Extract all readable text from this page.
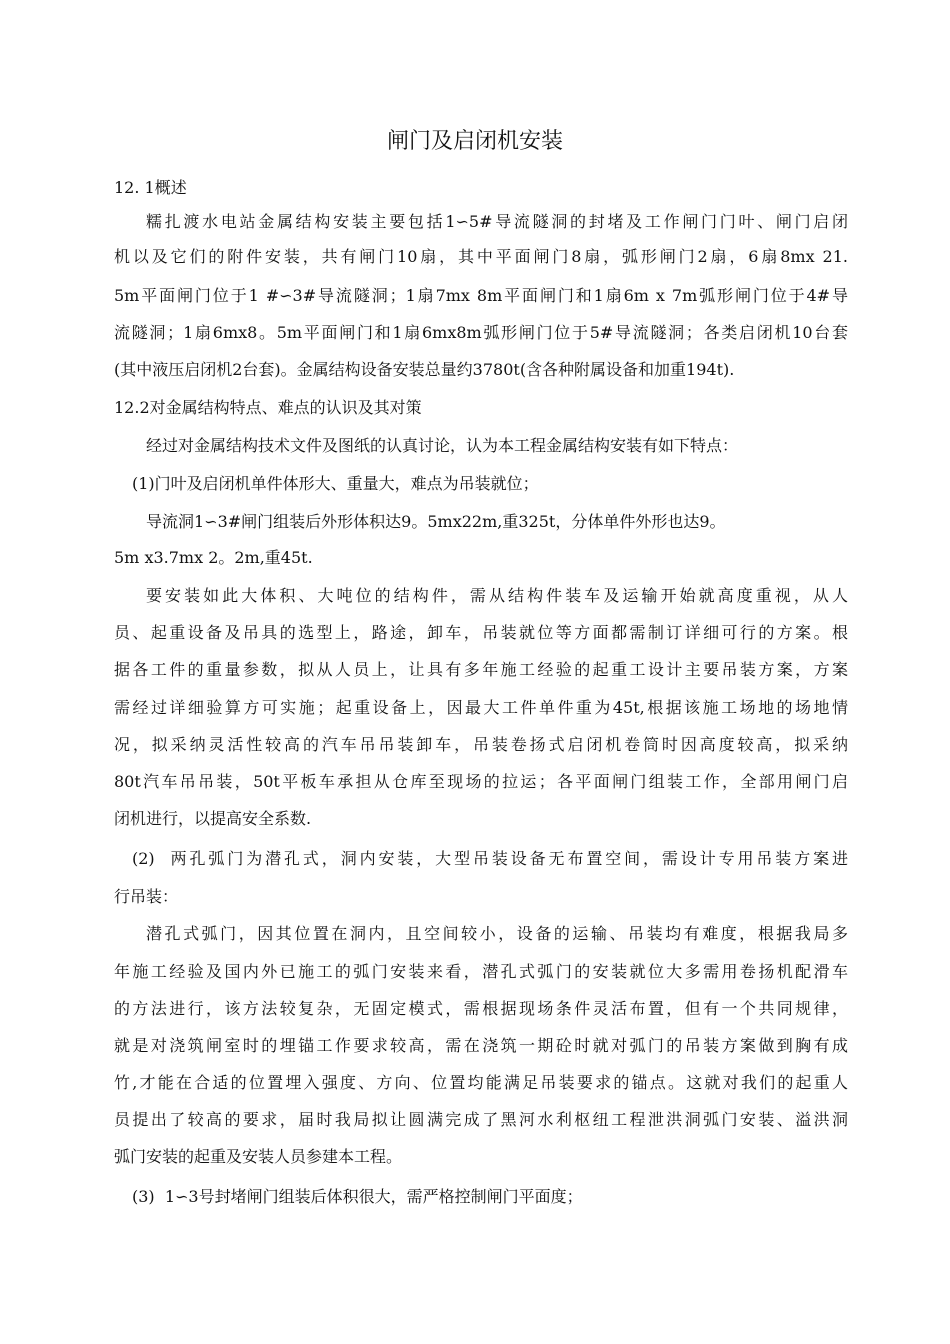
闸门及启闭机安装
12. 1概述
糯扎渡水电站金属结构安装主要包括1∽5#导流隧洞的封堵及工作闸门门叶、闸门启闭
机以及它们的附件安装，共有闸门10扇，其中平面闸门8扇，弧形闸门2扇，6扇8mx 21.
5m平面闸门位于1 #∽3#导流隧洞；1扇7mx 8m平面闸门和1扇6m x 7m弧形闸门位于4#导
流隧洞；1扇6mx8。5m平面闸门和1扇6mx8m弧形闸门位于5#导流隧洞；各类启闭机10台套
(其中液压启闭机2台套)。金属结构设备安装总量约3780t(含各种附属设备和加重194t).
12.2对金属结构特点、难点的认识及其对策
经过对金属结构技术文件及图纸的认真讨论，认为本工程金属结构安装有如下特点：
(1)门叶及启闭机单件体形大、重量大，难点为吊装就位；
导流洞1∽3#闸门组装后外形体积达9。5mx22m,重325t，分体单件外形也达9。
5m x3.7mx 2。2m,重45t.
要安装如此大体积、大吨位的结构件，需从结构件装车及运输开始就高度重视，从人
员、起重设备及吊具的选型上，路途，卸车，吊装就位等方面都需制订详细可行的方案。根
据各工件的重量参数，拟从人员上，让具有多年施工经验的起重工设计主要吊装方案，方案
需经过详细验算方可实施；起重设备上，因最大工件单件重为45t,根据该施工场地的场地情
况，拟采纳灵活性较高的汽车吊吊装卸车，吊装卷扬式启闭机卷筒时因高度较高，拟采纳
80t汽车吊吊装，50t平板车承担从仓库至现场的拉运；各平面闸门组装工作，全部用闸门启
闭机进行，以提高安全系数.
(2)  两孔弧门为潜孔式，洞内安装，大型吊装设备无布置空间，需设计专用吊装方案进
行吊装：
潜孔式弧门，因其位置在洞内，且空间较小，设备的运输、吊装均有难度，根据我局多
年施工经验及国内外已施工的弧门安装来看，潜孔式弧门的安装就位大多需用卷扬机配滑车
的方法进行，该方法较复杂，无固定模式，需根据现场条件灵活布置，但有一个共同规律，
就是对浇筑闸室时的埋锚工作要求较高，需在浇筑一期砼时就对弧门的吊装方案做到胸有成
竹,才能在合适的位置埋入强度、方向、位置均能满足吊装要求的锚点。这就对我们的起重人
员提出了较高的要求，届时我局拟让圆满完成了黑河水利枢纽工程泄洪洞弧门安装、溢洪洞
弧门安装的起重及安装人员参建本工程。
(3)  1∽3号封堵闸门组装后体积很大，需严格控制闸门平面度；
